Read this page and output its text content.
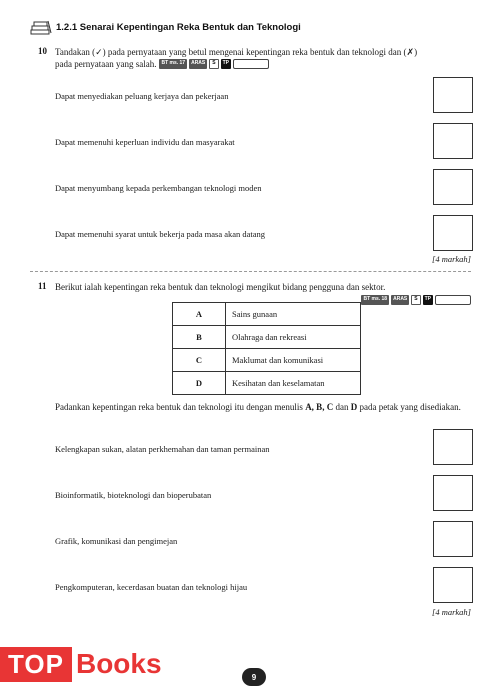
1.2.1 Senarai Kepentingan Reka Bentuk dan Teknologi
10 Tandakan (✓) pada pernyataan yang betul mengenai kepentingan reka bentuk dan teknologi dan (✗)
pada pernyataan yang salah.	BT ms. 17	ARAS	S	TP
Dapat menyediakan peluang kerjaya dan pekerjaan
Dapat memenuhi keperluan individu dan masyarakat
Dapat menyumbang kepada perkembangan teknologi moden
Dapat memenuhi syarat untuk bekerja pada masa akan datang
[4 markah]
11 Berikut ialah kepentingan reka bentuk dan teknologi mengikut bidang pengguna dan sektor.
BT ms. 18	ARAS	S	TP
A	Sains gunaan
B	Olahraga dan rekreasi
C	Maklumat dan komunikasi
D	Kesihatan dan keselamatan
Padankan kepentingan reka bentuk dan teknologi itu dengan menulis A, B, C dan D pada petak yang disediakan.
Kelengkapan sukan, alatan perkhemahan dan taman permainan
Bioinformatik, bioteknologi dan bioperubatan
Grafik, komunikasi dan pengimejan
Pengkomputeran, kecerdasan buatan dan teknologi hijau
[4 markah]
TOP Books	9
